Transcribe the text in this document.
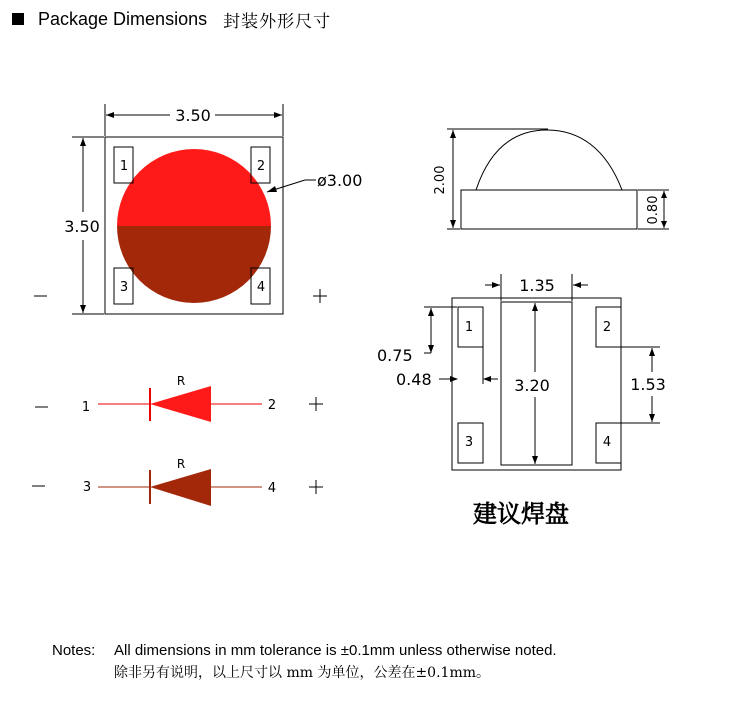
Package Dimensions 封装外形尺寸
1	2
3	4
3.50
3.50
ø3.00	2.00
0.80
1
R
2
3
R
4
1	2
3	4
1.35
3.20
0.75
0.48	1.53
建议焊盘
Notes:	All dimensions in mm tolerance is ±0.1mm unless otherwise noted.
除非另有说明，以上尺寸以 mm 为单位，公差在±0.1mm。
